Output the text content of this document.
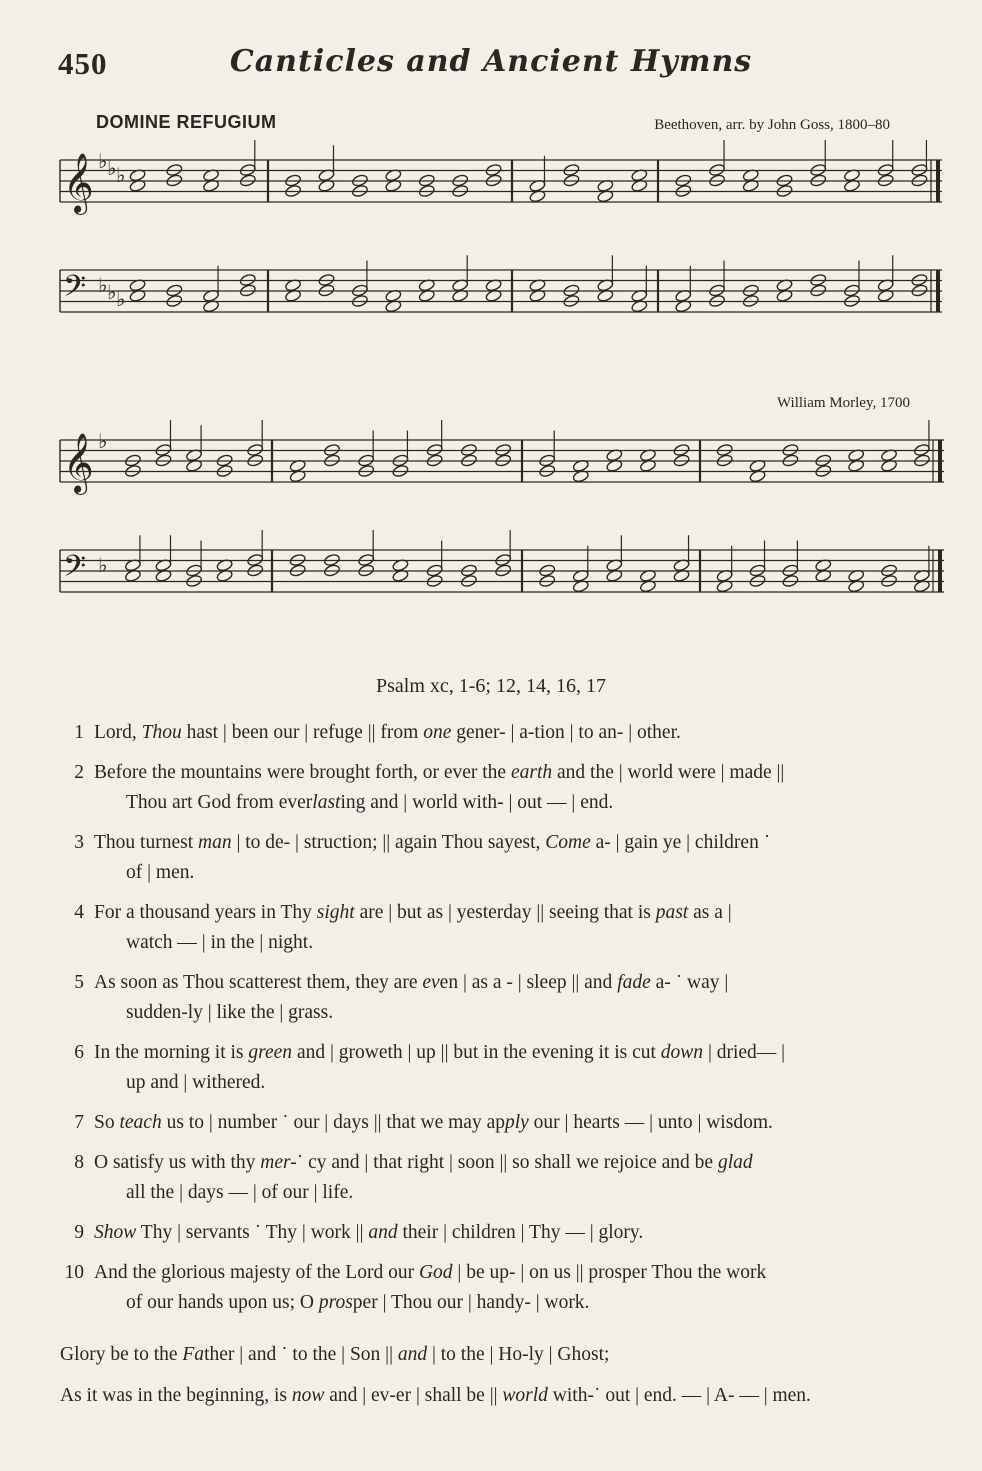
450	Canticles and Ancient Hymns
DOMINE REFUGIUM	Beethoven, arr. by John Goss, 1800–80
William Morley, 1700
𝄞 ♭ ♭ ♭
𝄢 ♭ ♭ ♭
𝄞 ♭
𝄢 ♭
Psalm xc, 1-6; 12, 14, 16, 17
1 Lord, Thou hast | been our | refuge || from one gener- | a-tion | to an- | other.
2 Before the mountains were brought forth, or ever the earth and the | world were | made ||
Thou art God from everlasting and | world with- | out — | end.
3 Thou turnest man | to de- | struction; || again Thou sayest, Come a- | gain ye | children ˙
of | men.
4 For a thousand years in Thy sight are | but as | yesterday || seeing that is past as a |
watch — | in the | night.
5 As soon as Thou scatterest them, they are even | as a - | sleep || and fade a- ˙ way |
sudden-ly | like the | grass.
6 In the morning it is green and | groweth | up || but in the evening it is cut down | dried— |
up and | withered.
7 So teach us to | number ˙ our | days || that we may apply our | hearts — | unto | wisdom.
8 O satisfy us with thy mer-˙ cy and | that right | soon || so shall we rejoice and be glad
all the | days — | of our | life.
9 Show Thy | servants ˙ Thy | work || and their | children | Thy — | glory.
10 And the glorious majesty of the Lord our God | be up- | on us || prosper Thou the work
of our hands upon us; O prosper | Thou our | handy- | work.
Glory be to the Father | and ˙ to the | Son || and | to the | Ho-ly | Ghost;
As it was in the beginning, is now and | ev-er | shall be || world with-˙ out | end. — | A- — | men.
